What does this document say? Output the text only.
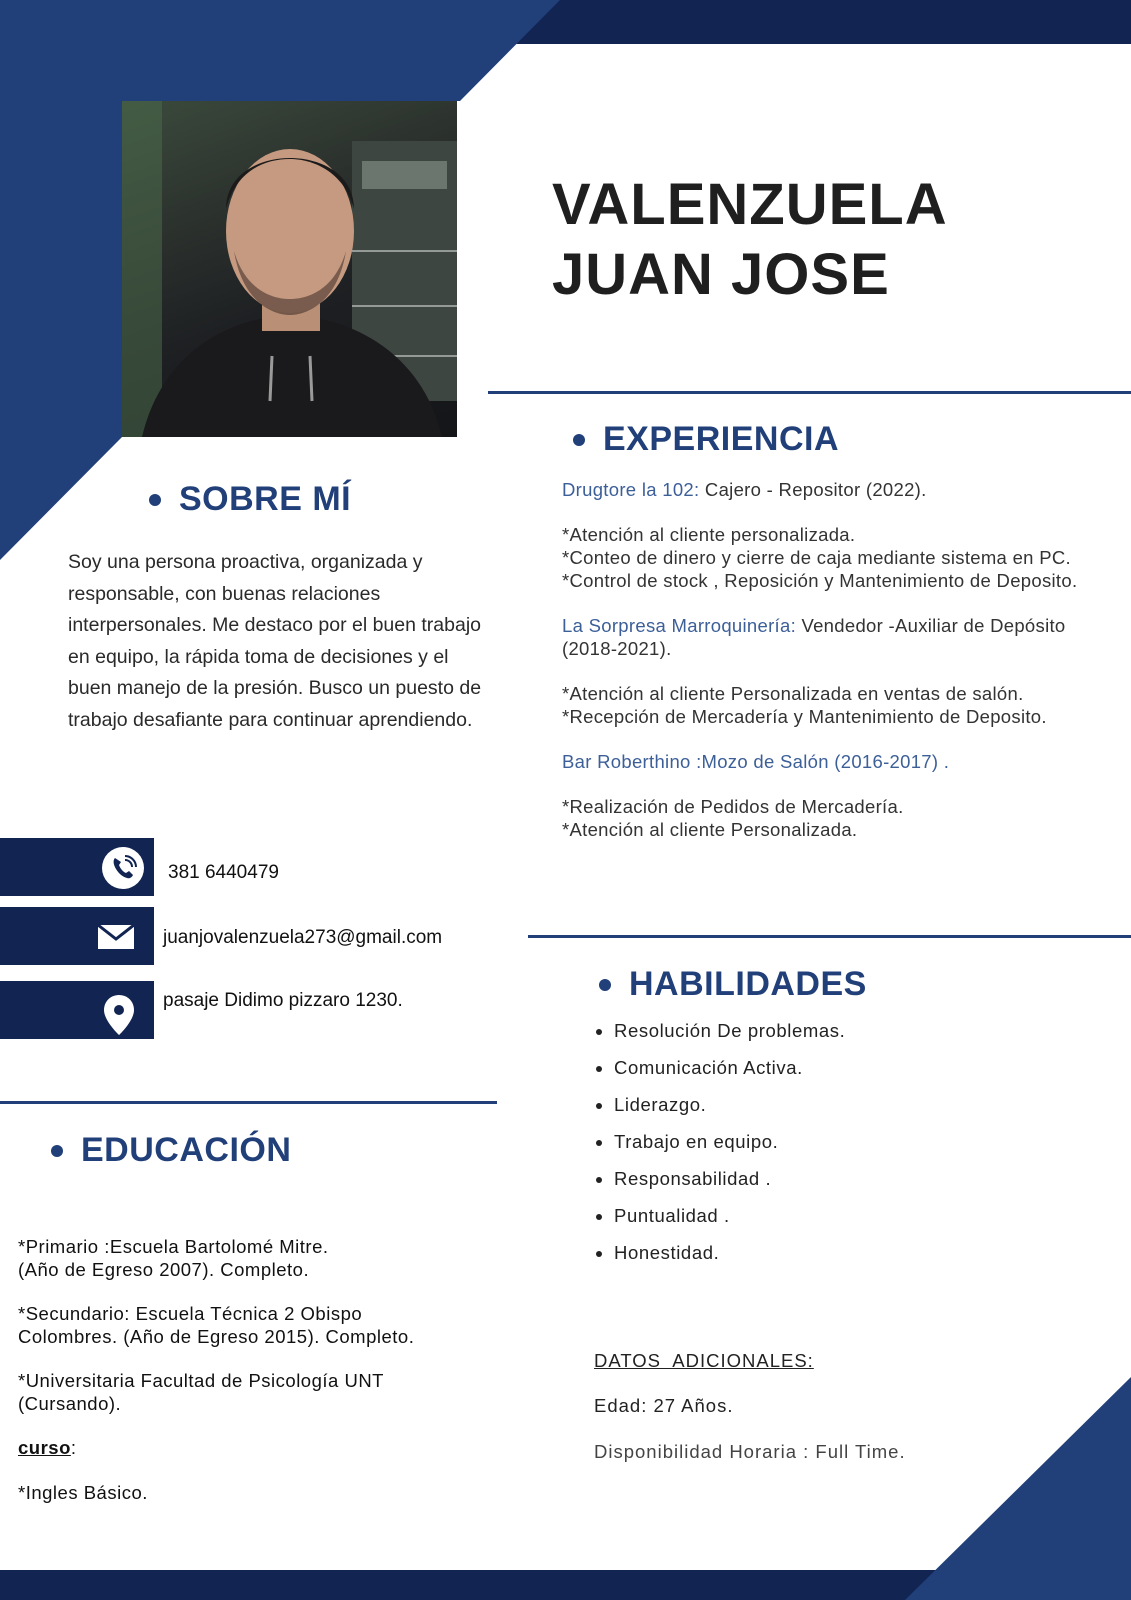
VALENZUELA
JUAN JOSE
SOBRE MÍ
Soy una persona proactiva, organizada y responsable, con buenas relaciones interpersonales. Me destaco por el buen trabajo en equipo, la rápida toma de decisiones y el buen manejo de la presión. Busco un puesto de trabajo desafiante para continuar aprendiendo.
381 6440479
juanjovalenzuela273@gmail.com
pasaje Didimo pizzaro 1230.
EXPERIENCIA

Drugtore la 102: Cajero - Repositor (2022).

*Atención al cliente personalizada.

*Conteo de dinero y cierre de caja mediante sistema en PC.

*Control de stock , Reposición y Mantenimiento de Deposito.

La Sorpresa Marroquinería: Vendedor -Auxiliar de Depósito (2018-2021).

*Atención al cliente Personalizada en ventas de salón.

*Recepción de Mercadería y Mantenimiento de Deposito.

Bar Roberthino :Mozo de Salón (2016-2017) .

*Realización de Pedidos de Mercadería.

*Atención al cliente Personalizada.

HABILIDADES
Resolución De problemas.
Comunicación Activa.
Liderazgo.
Trabajo en equipo.
Responsabilidad .
Puntualidad .
Honestidad.
EDUCACIÓN

*Primario :Escuela Bartolomé Mitre.

(Año de Egreso 2007). Completo.

*Secundario: Escuela Técnica 2 Obispo

Colombres. (Año de Egreso 2015). Completo.

*Universitaria Facultad de Psicología UNT

(Cursando).

curso:

*Ingles Básico.

DATOS  ADICIONALES:
Edad: 27 Años.
Disponibilidad Horaria : Full Time.
